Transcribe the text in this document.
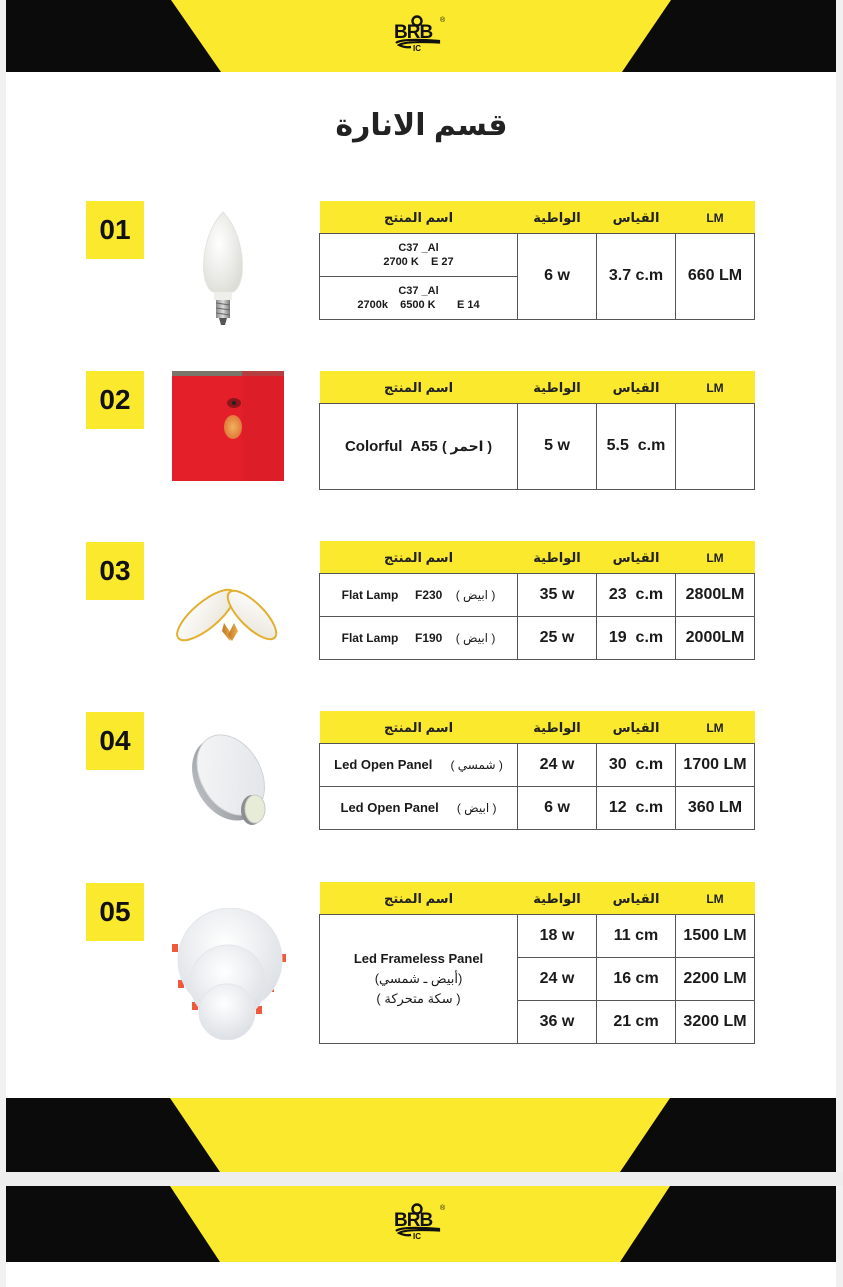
BRB
®
IC
قسم الانارة
01	اسم المنتج	الواطية	القياس	LM

C37 _Al
2700 K    E 27	6 w	3.7 c.m	660 LM

C37 _Al
2700k    6500 K       E 14			
02	اسم المنتج	الواطية	القياس	LM
Colorful  A55 ( احمر )	5 w	5.5  c.m	
03	اسم المنتج	الواطية	القياس	LM
Flat Lamp     F230 ( ابيض )	35 w	23  c.m	2800LM
Flat Lamp     F190 ( ابيض )	25 w	19  c.m	2000LM
04	اسم المنتج	الواطية	القياس	LM
Led Open Panel ( شمسي )	24 w	30  c.m	1700 LM
Led Open Panel ( ابيض )	6 w	12  c.m	360 LM
05	اسم المنتج	الواطية	القياس	LM

Led Frameless Panel
(أبيض ـ شمسي)
( سكة متحركة )	18 w	11 cm	1500 LM
	24 w	16 cm	2200 LM
	36 w	21 cm	3200 LM
BRB
®
IC
